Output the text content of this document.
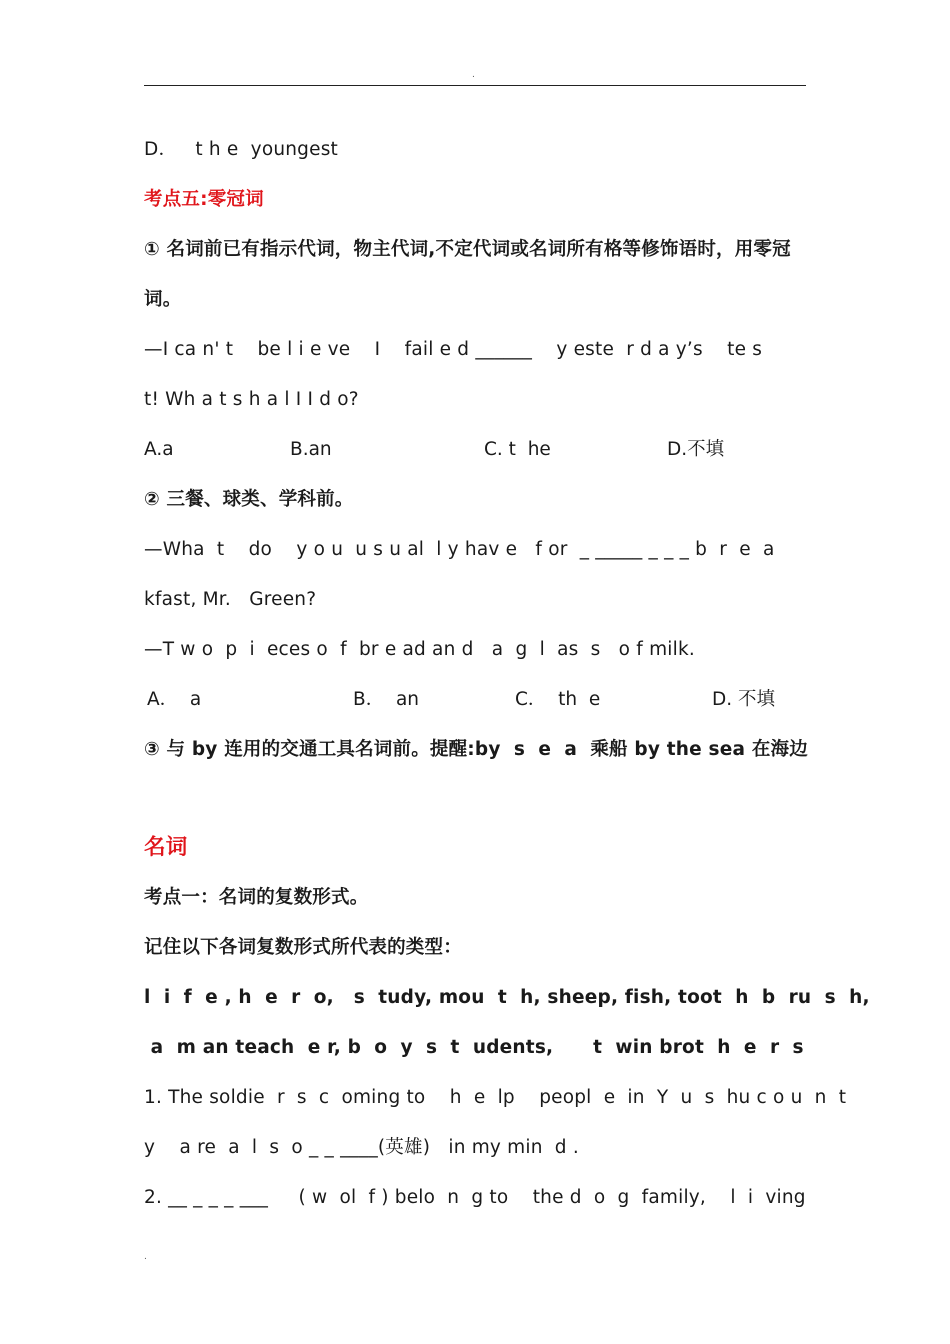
.
D．   t h e  youngest
考点五:零冠词
① 名词前已有指示代词，物主代词,不定代词或名词所有格等修饰语时，用零冠
词。
—I ca n' t    be l i e ve    I    fail e d ______    y este  r d a y’s    te s
t! Wh a t s h a l I I d o?
A.a	B.an	C. t  he	D.不填
② 三餐、球类、学科前。
—Wha  t    do    y o u  u s u al  l y hav e   f or  _ _____ _ _ _ b  r  e  a
kfast, Mr.   Green?
—T w o  p  i  eces o  f  br e ad an d   a  g  l  as  s   o f milk.
A．  a	B．  an	C．  th  e	D. 不填
③ 与 by 连用的交通工具名词前。提醒:by  s  e  a  乘船 by the sea 在海边
名词
考点一：名词的复数形式。
记住以下各词复数形式所代表的类型：
l  i  f  e , h  e  r  o,   s  tudy, mou  t  h, sheep, fish, toot  h  b  ru  s  h,
a  m an teach  e r, b  o  y  s  t  udents,      t  win brot  h  e  r  s
1. The soldie  r  s  c  oming to    h  e  lp    peopl  e  in  Y  u  s  hu c o u  n  t
y    a re  a  l  s  o _ _ ____(英雄)   in my min  d .
2. __ _ _ _ ___     ( w  ol  f ) belo  n  g to    the d  o  g  family,    l  i  ving
.
